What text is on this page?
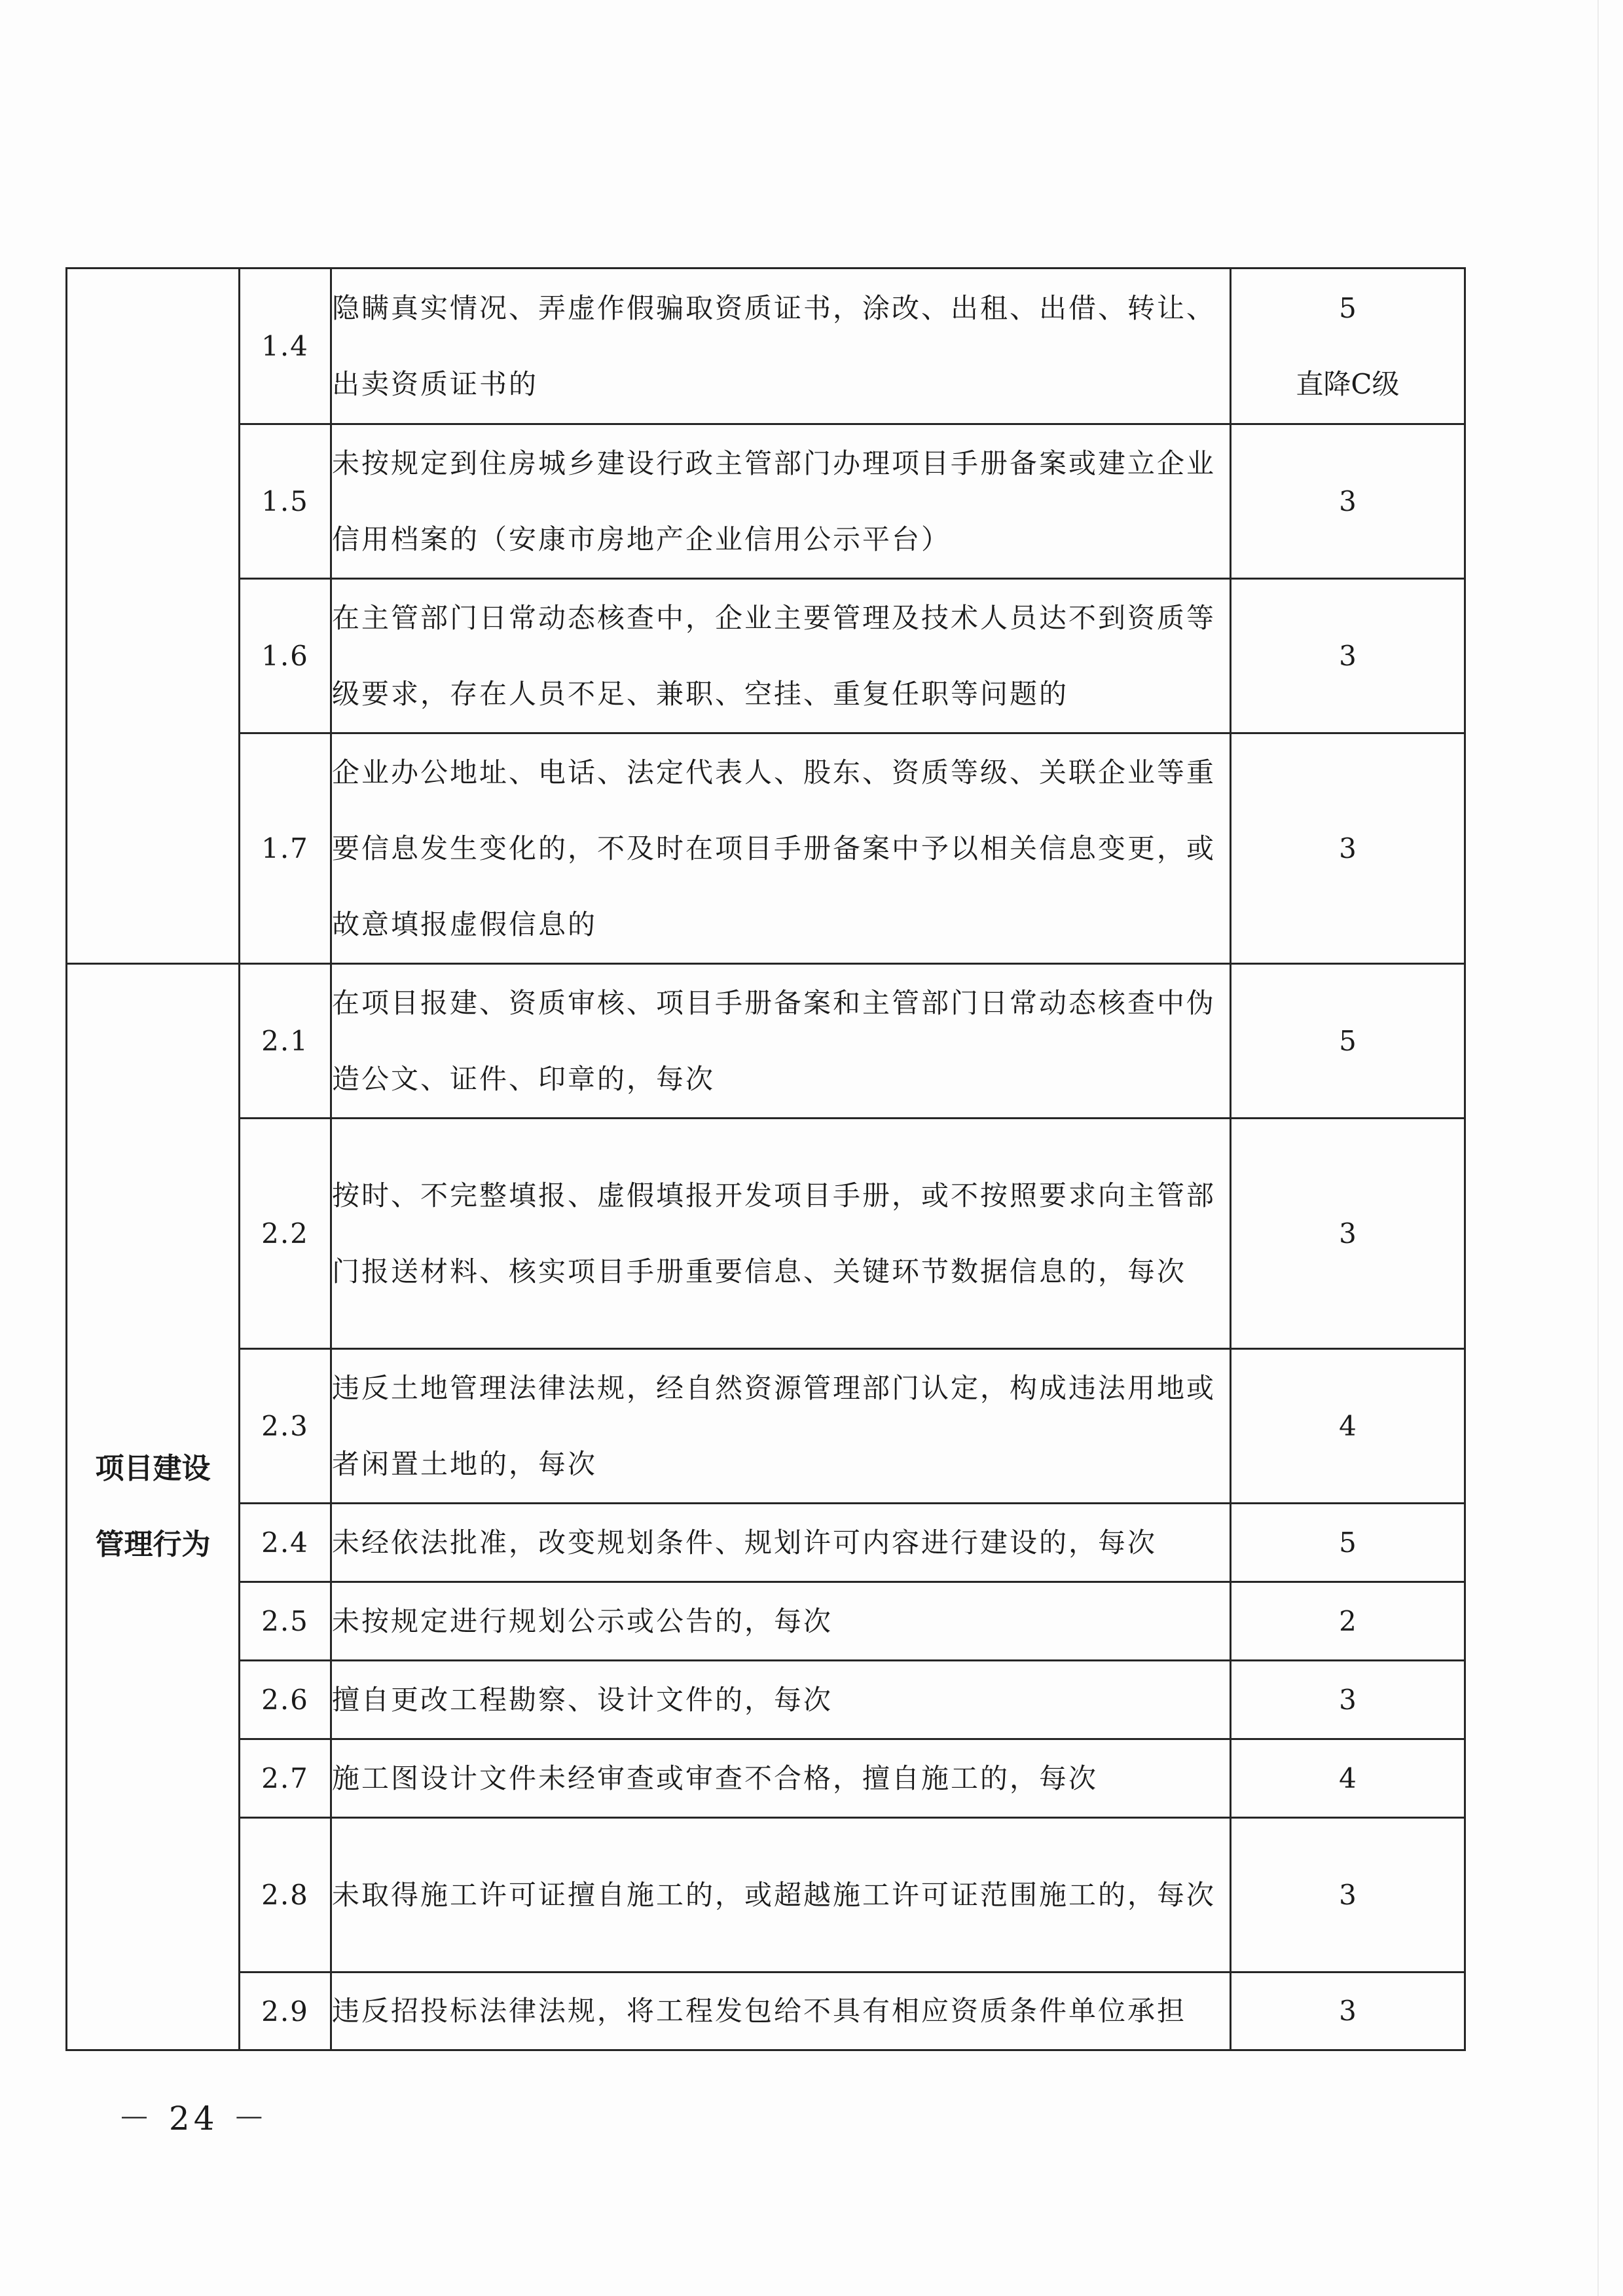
	1.4	隐瞒真实情况、弄虚作假骗取资质证书，涂改、出租、出借、转让、出卖资质证书的	5
直降C级

	1.5	未按规定到住房城乡建设行政主管部门办理项目手册备案或建立企业信用档案的（安康市房地产企业信用公示平台）	3
	1.6	在主管部门日常动态核查中，企业主要管理及技术人员达不到资质等级要求，存在人员不足、兼职、空挂、重复任职等问题的	3
	1.7	企业办公地址、电话、法定代表人、股东、资质等级、关联企业等重要信息发生变化的，不及时在项目手册备案中予以相关信息变更，或故意填报虚假信息的	3
项目建设管理行为	2.1	在项目报建、资质审核、项目手册备案和主管部门日常动态核查中伪造公文、证件、印章的，每次	5
	2.2	按时、不完整填报、虚假填报开发项目手册，或不按照要求向主管部门报送材料、核实项目手册重要信息、关键环节数据信息的，每次	3
	2.3	违反土地管理法律法规，经自然资源管理部门认定，构成违法用地或者闲置土地的，每次	4
	2.4	未经依法批准，改变规划条件、规划许可内容进行建设的，每次	5
	2.5	未按规定进行规划公示或公告的，每次	2
	2.6	擅自更改工程勘察、设计文件的，每次	3
	2.7	施工图设计文件未经审查或审查不合格，擅自施工的，每次	4
	2.8	未取得施工许可证擅自施工的，或超越施工许可证范围施工的，每次	3
	2.9	违反招投标法律法规，将工程发包给不具有相应资质条件单位承担	3
－ 24 －
